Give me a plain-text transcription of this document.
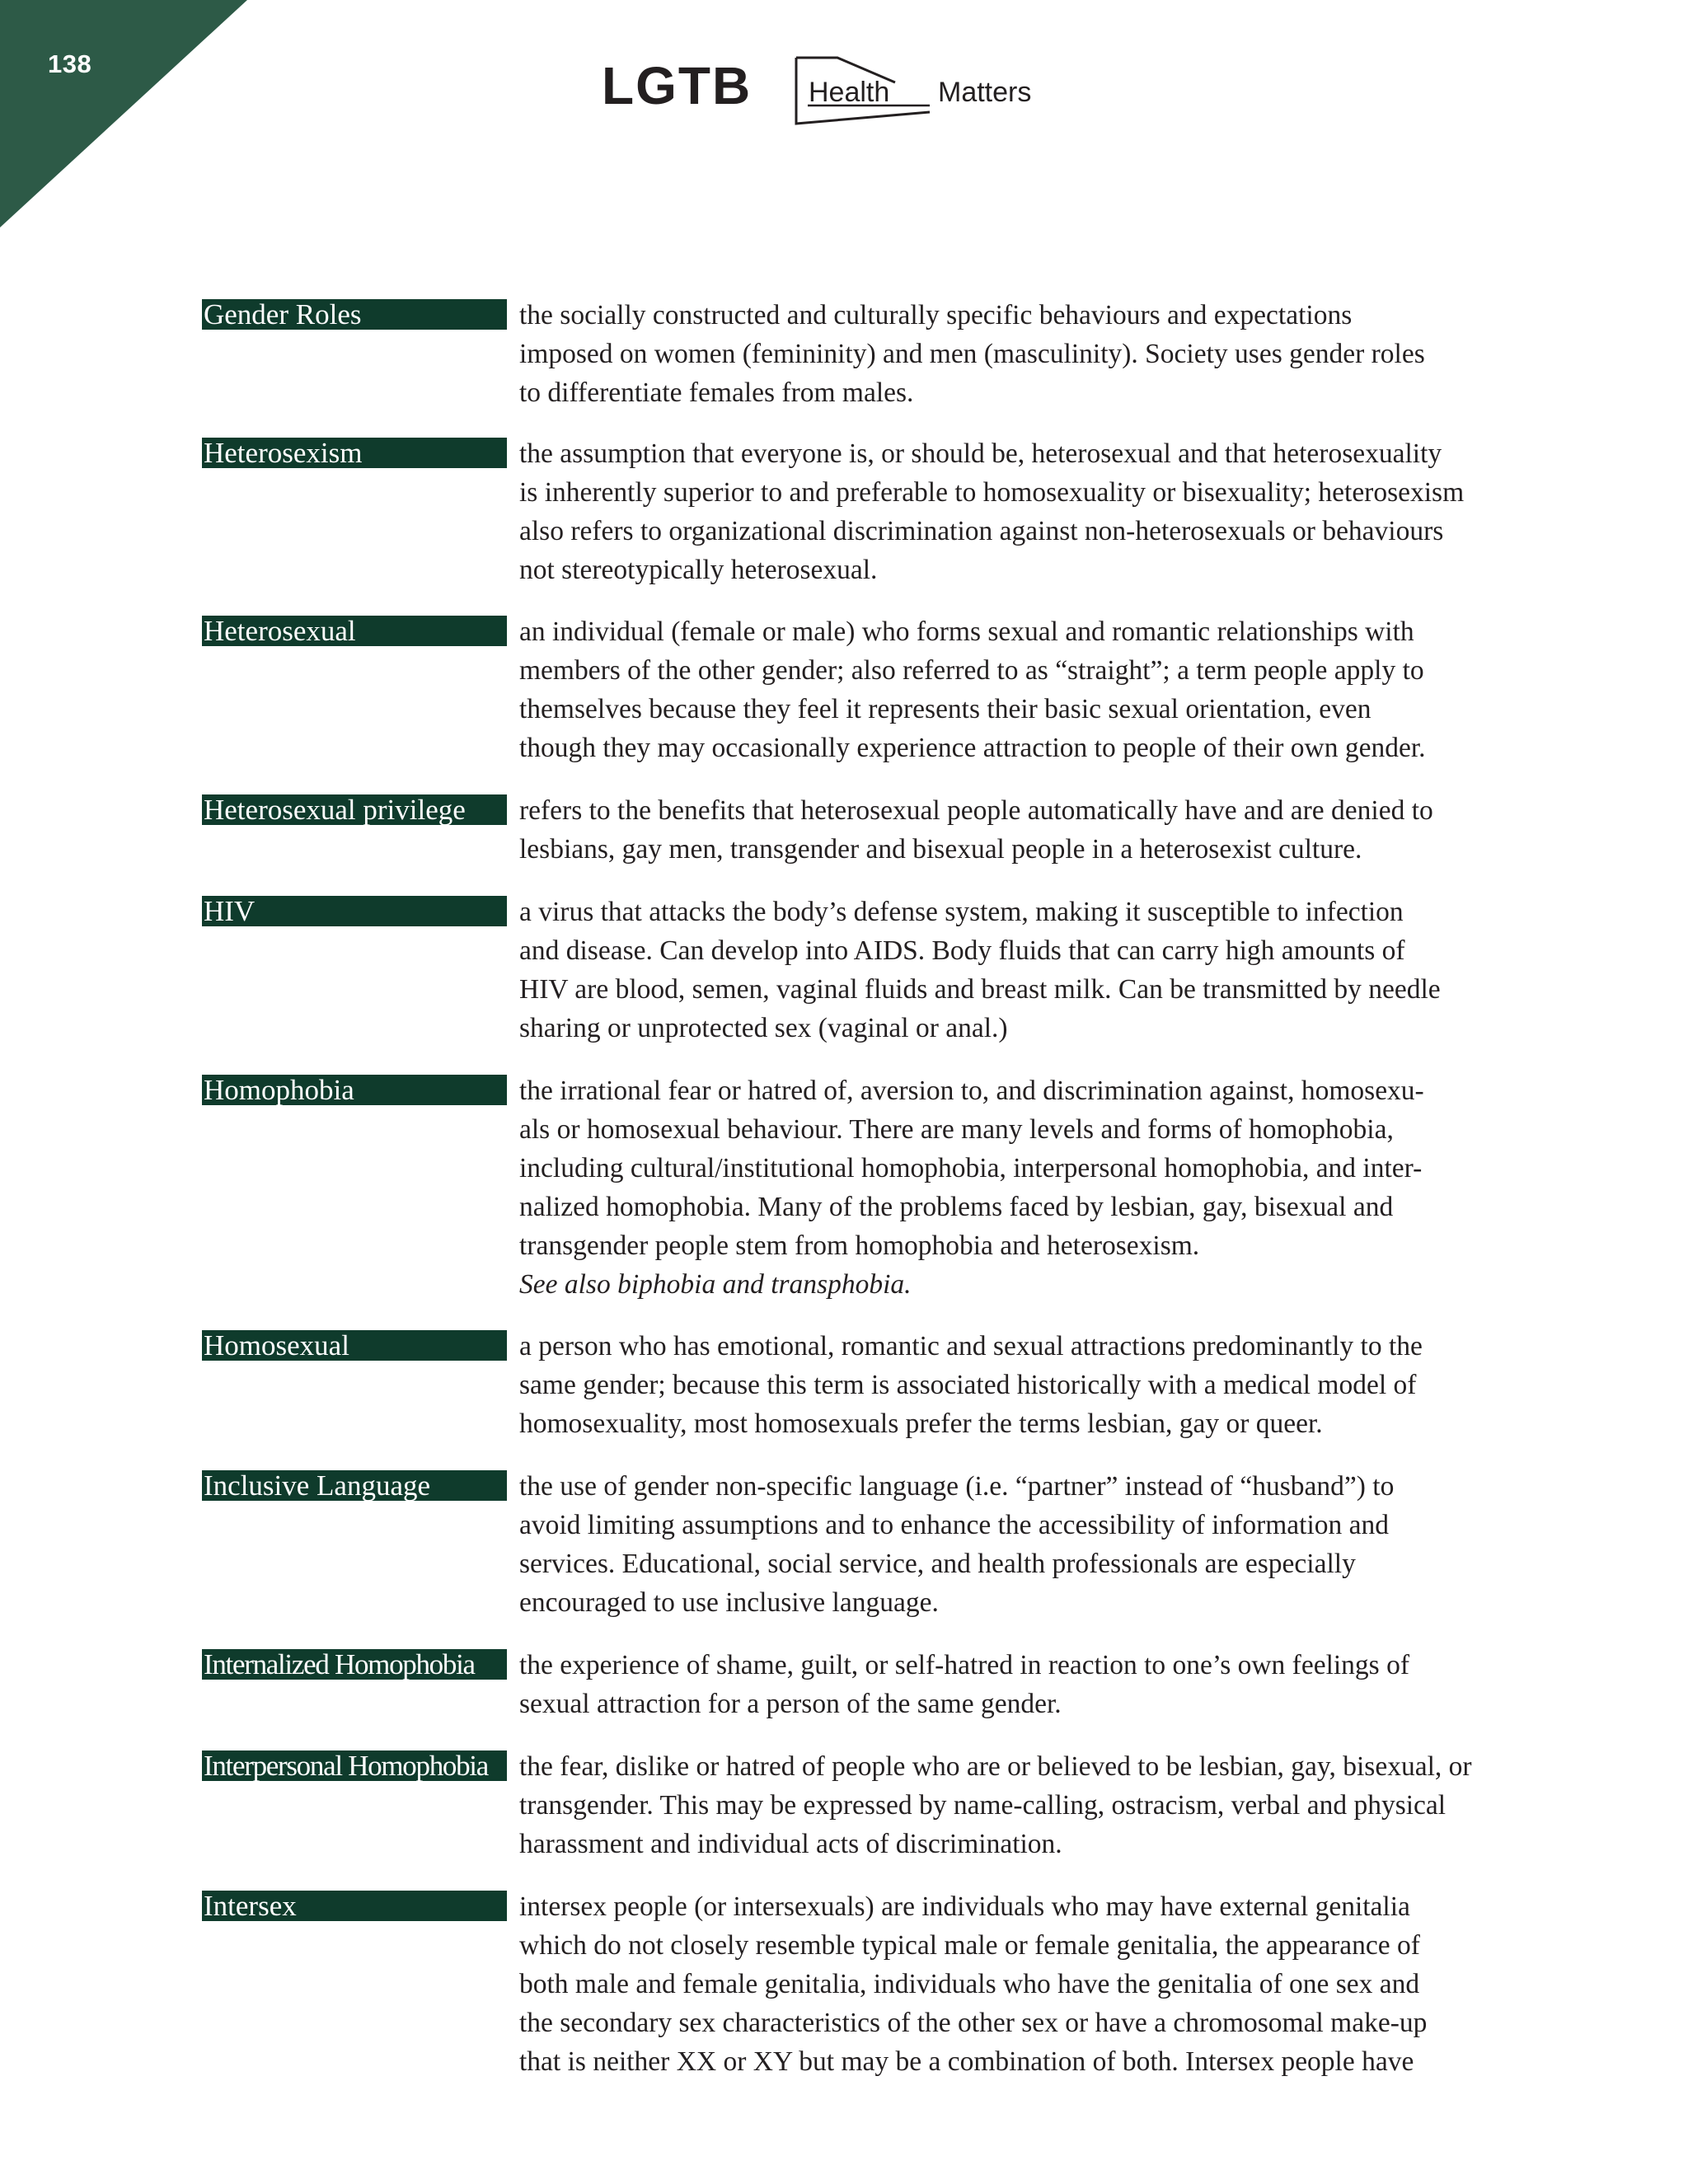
138	LGTB Health Matters
Gender Roles	the socially constructed and culturally specific behaviours and expectations
imposed on women (femininity) and men (masculinity). Society uses gender roles
to differentiate females from males.
Heterosexism	the assumption that everyone is, or should be, heterosexual and that heterosexuality
is inherently superior to and preferable to homosexuality or bisexuality; heterosexism
also refers to organizational discrimination against non-heterosexuals or behaviours
not stereotypically heterosexual.
Heterosexual	an individual (female or male) who forms sexual and romantic relationships with
members of the other gender; also referred to as “straight”; a term people apply to
themselves because they feel it represents their basic sexual orientation, even
though they may occasionally experience attraction to people of their own gender.
Heterosexual privilege	refers to the benefits that heterosexual people automatically have and are denied to
lesbians, gay men, transgender and bisexual people in a heterosexist culture.
HIV	a virus that attacks the body’s defense system, making it susceptible to infection
and disease. Can develop into AIDS. Body fluids that can carry high amounts of
HIV are blood, semen, vaginal fluids and breast milk. Can be transmitted by needle
sharing or unprotected sex (vaginal or anal.)
Homophobia	the irrational fear or hatred of, aversion to, and discrimination against, homosexu-
als or homosexual behaviour. There are many levels and forms of homophobia,
including cultural/institutional homophobia, interpersonal homophobia, and inter-
nalized homophobia. Many of the problems faced by lesbian, gay, bisexual and
transgender people stem from homophobia and heterosexism.
See also biphobia and transphobia.
Homosexual	a person who has emotional, romantic and sexual attractions predominantly to the
same gender; because this term is associated historically with a medical model of
homosexuality, most homosexuals prefer the terms lesbian, gay or queer.
Inclusive Language	the use of gender non-specific language (i.e. “partner” instead of “husband”) to
avoid limiting assumptions and to enhance the accessibility of information and
services. Educational, social service, and health professionals are especially
encouraged to use inclusive language.
Internalized Homophobia	the experience of shame, guilt, or self-hatred in reaction to one’s own feelings of
sexual attraction for a person of the same gender.
Interpersonal Homophobia	the fear, dislike or hatred of people who are or believed to be lesbian, gay, bisexual, or
transgender. This may be expressed by name-calling, ostracism, verbal and physical
harassment and individual acts of discrimination.
Intersex	intersex people (or intersexuals) are individuals who may have external genitalia
which do not closely resemble typical male or female genitalia, the appearance of
both male and female genitalia, individuals who have the genitalia of one sex and
the secondary sex characteristics of the other sex or have a chromosomal make-up
that is neither XX or XY but may be a combination of both. Intersex people have
